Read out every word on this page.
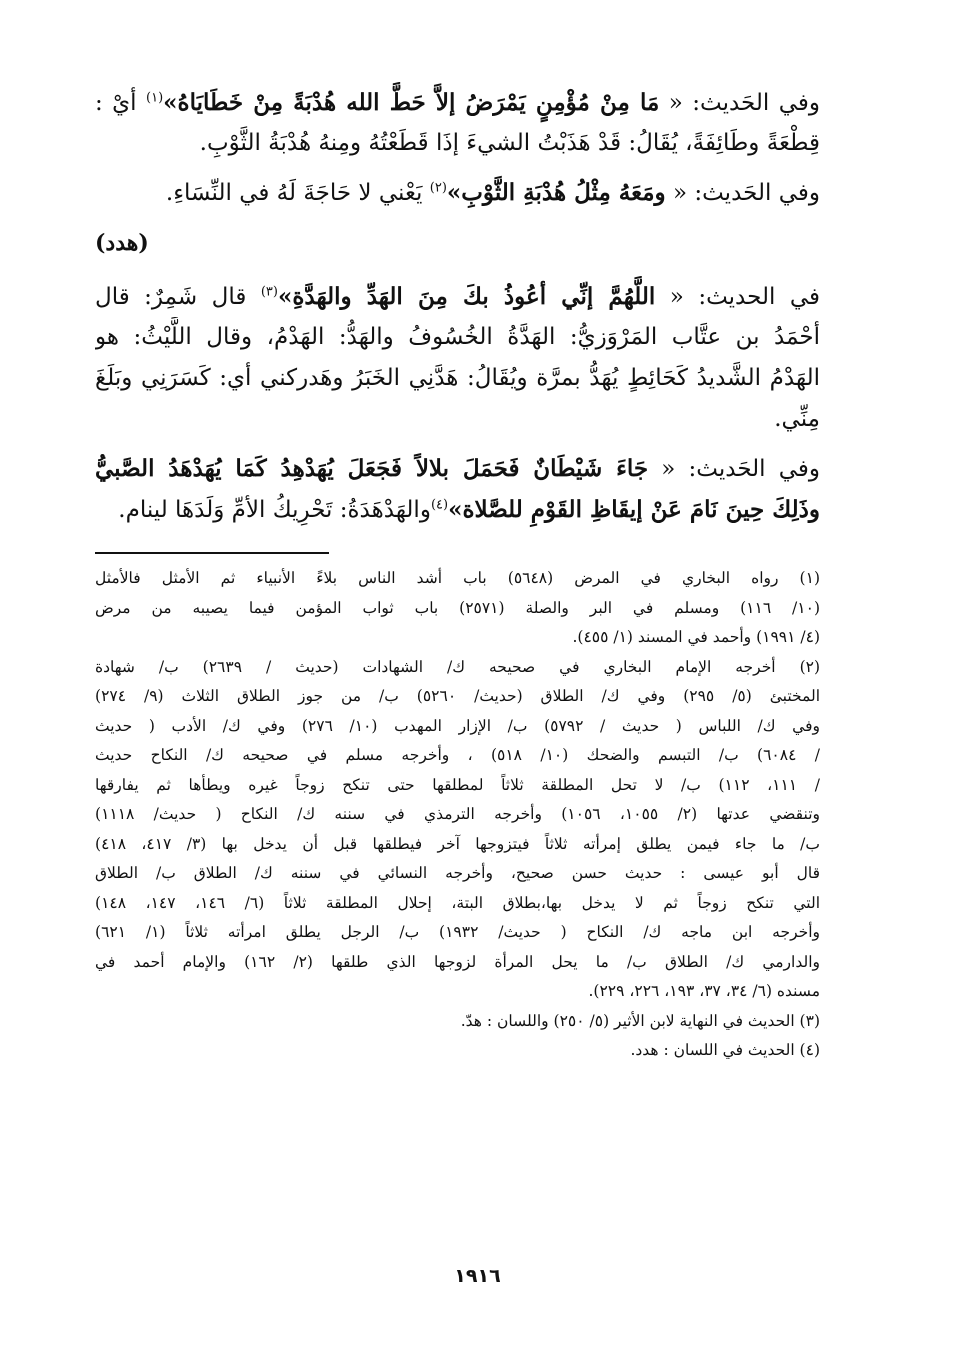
وفي الحَديث: « مَا مِنْ مُؤْمِنٍ يَمْرَضُ إلاَّ حَطَّ الله هُدْبَةً مِنْ خَطَايَاهُ»$^{(١)}$ أيْ :
قِطْعَةً وطَائِفَةً، يُقَالُ: قَدْ هَذَبْتُ الشيءَ إذَا قَطَعْتُهُ ومِنهُ هُدْبَةُ الثَّوْبِ.
وفي الحَديث: « ومَعَهُ مِثْلُ هُدْبَةِ الثَّوْبِ»$^{(٢)}$ يَعْني لا حَاجَةَ لَهُ في النِّسَاءِ.
(هدد)
في الحديث: « اللَّهُمَّ إنِّي أعُوذُ بكَ مِنَ الهَدِّ والهَدَّةِ»$^{(٣)}$ قال شَمِرٌ: قال
أحْمَدُ بن عتَّاب المَرْوَزيُّ: الهَدَّةُ الخُسُوفُ والهَدُّ: الهَدْمُ، وقال اللَّيْثُ: هو
الهَدْمُ الشَّديدُ كَحَائِطٍ يُهَدُّ بمرَّة ويُقَالُ: هَدَّنِي الخَبَرُ وهَدركني أي: كَسَرَنِي وبَلَغَ
مِنِّي.
وفي الحَديث: « جَاءَ شَيْطَانٌ فَحَمَلَ بلالاً فَجَعَلَ يُهَدْهِدُ كَمَا يُهَدْهَدُ الصَّبيُّ
وذَلِكَ حِينَ نَامَ عَنْ إيقَاظِ القَوْمِ للصَّلاة»$^{(٤)}$والهَدْهَدَةُ: تَحْرِيكُ الأمِّ وَلَدَهَا لينام.
(١) رواه البخاري في المرض (٥٦٤٨) باب أشد الناس بلاءً الأنبياء ثم الأمثل فالأمثل
(١٠/ ١١٦) ومسلم في البر والصلة (٢٥٧١) باب ثواب المؤمن فيما يصيبه من مرض
(٤/ ١٩٩١) وأحمد في المسند (١/ ٤٥٥).
(٢) أخرجه الإمام البخاري في صحيحه ك/ الشهادات (حديث / ٢٦٣٩) ب/ شهادة
المختبئ (٥/ ٢٩٥) وفي ك/ الطلاق (حديث/ ٥٢٦٠) ب/ من جوز الطلاق الثلاث (٩/ ٢٧٤)
وفي ك/ اللباس ( حديث / ٥٧٩٢) ب/ الإزار المهدب (١٠/ ٢٧٦) وفي ك/ الأدب ( حديث
/ ٦٠٨٤) ب/ التبسم والضحك (١٠/ ٥١٨) ، وأخرجه مسلم في صحيحه ك/ النكاح حديث
/ ١١١، ١١٢) ب/ لا تحل المطلقة ثلاثاً لمطلقها حتى تنكح زوجاً غيره ويطأها ثم يفارقها
وتنقضي عدتها (٢/ ١٠٥٥، ١٠٥٦) وأخرجه الترمذي في سننه ك/ النكاح ( حديث/ ١١١٨)
ب/ ما جاء فيمن يطلق إمرأته ثلاثاً فيتزوجها آخر فيطلقها قبل أن يدخل بها (٣/ ٤١٧، ٤١٨)
قال أبو عيسى : حديث حسن صحيح، وأخرجه النسائي في سننه ك/ الطلاق ب/ الطلاق
التي تنكح زوجاً ثم لا يدخل بها،بطلاق البتة، إحلال المطلقة ثلاثاً (٦/ ١٤٦، ١٤٧، ١٤٨)
وأخرجه ابن ماجه ك/ النكاح ( حديث/ ١٩٣٢) ب/ الرجل يطلق امرأته ثلاثاً (١/ ٦٢١)
والدارمي ك/ الطلاق ب/ ما يحل المرأة لزوجها الذي طلقها (٢/ ١٦٢) والإمام أحمد في
مسنده (٦/ ٣٤، ٣٧، ١٩٣، ٢٢٦، ٢٢٩).
(٣) الحديث في النهاية لابن الأثير (٥/ ٢٥٠) واللسان : هدّ.
(٤) الحديث في اللسان : هدد.
١٩١٦
